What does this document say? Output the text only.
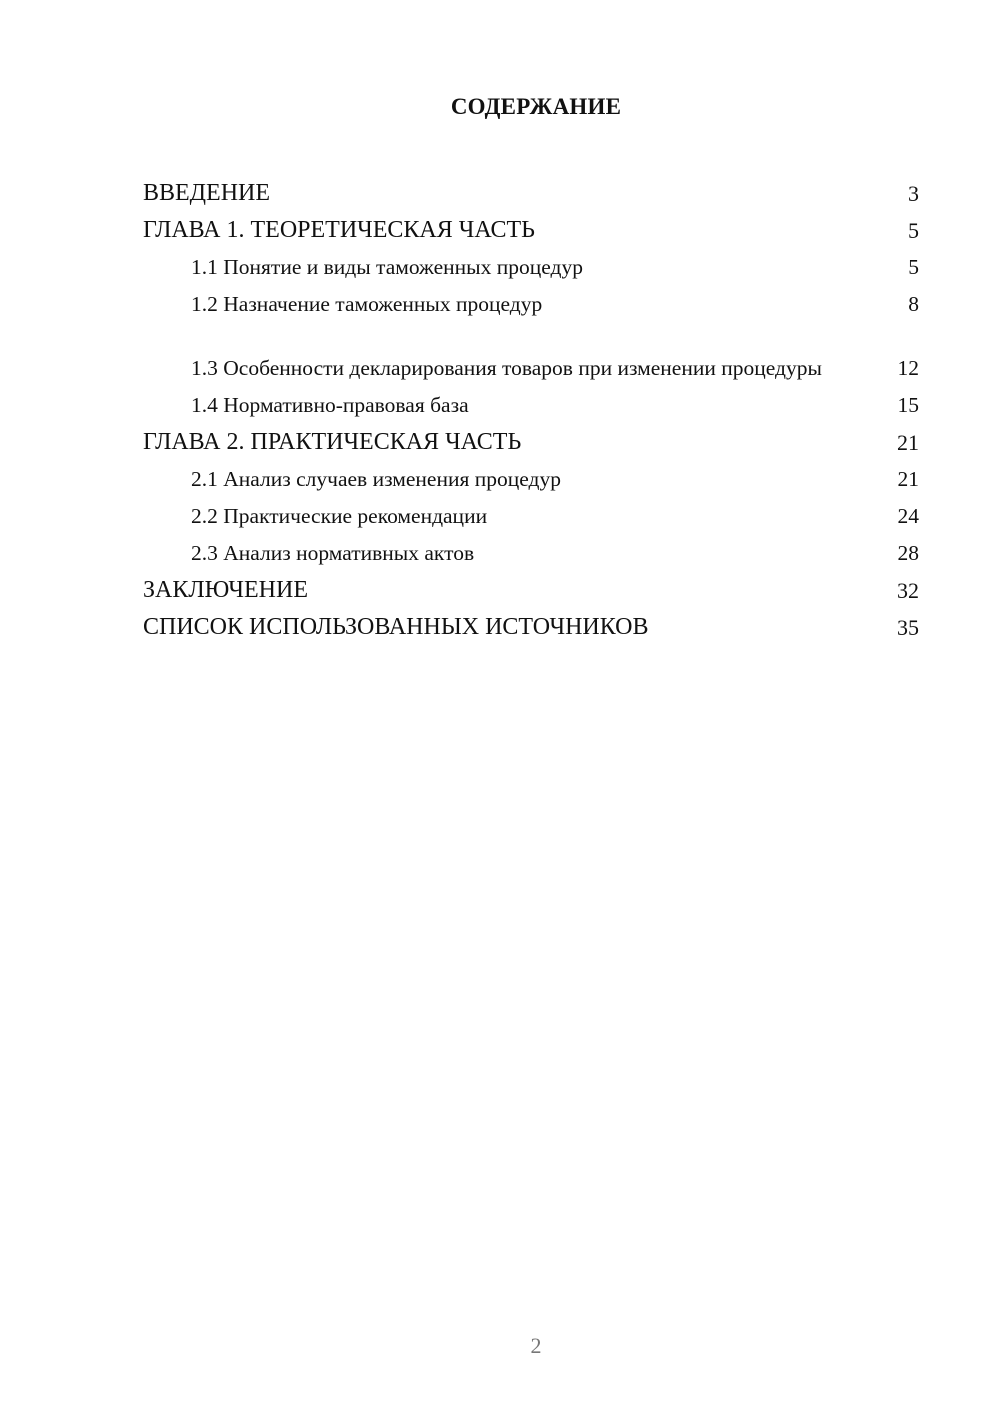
СОДЕРЖАНИЕ
ВВЕДЕНИЕ	3
ГЛАВА 1. ТЕОРЕТИЧЕСКАЯ ЧАСТЬ	5
1.1 Понятие и виды таможенных процедур	5
1.2 Назначение таможенных процедур	8
1.3 Особенности декларирования товаров при изменении процедуры	12
1.4 Нормативно-правовая база	15
ГЛАВА 2. ПРАКТИЧЕСКАЯ ЧАСТЬ	21
2.1 Анализ случаев изменения процедур	21
2.2 Практические рекомендации	24
2.3 Анализ нормативных актов	28
ЗАКЛЮЧЕНИЕ	32
СПИСОК ИСПОЛЬЗОВАННЫХ ИСТОЧНИКОВ	35
2
